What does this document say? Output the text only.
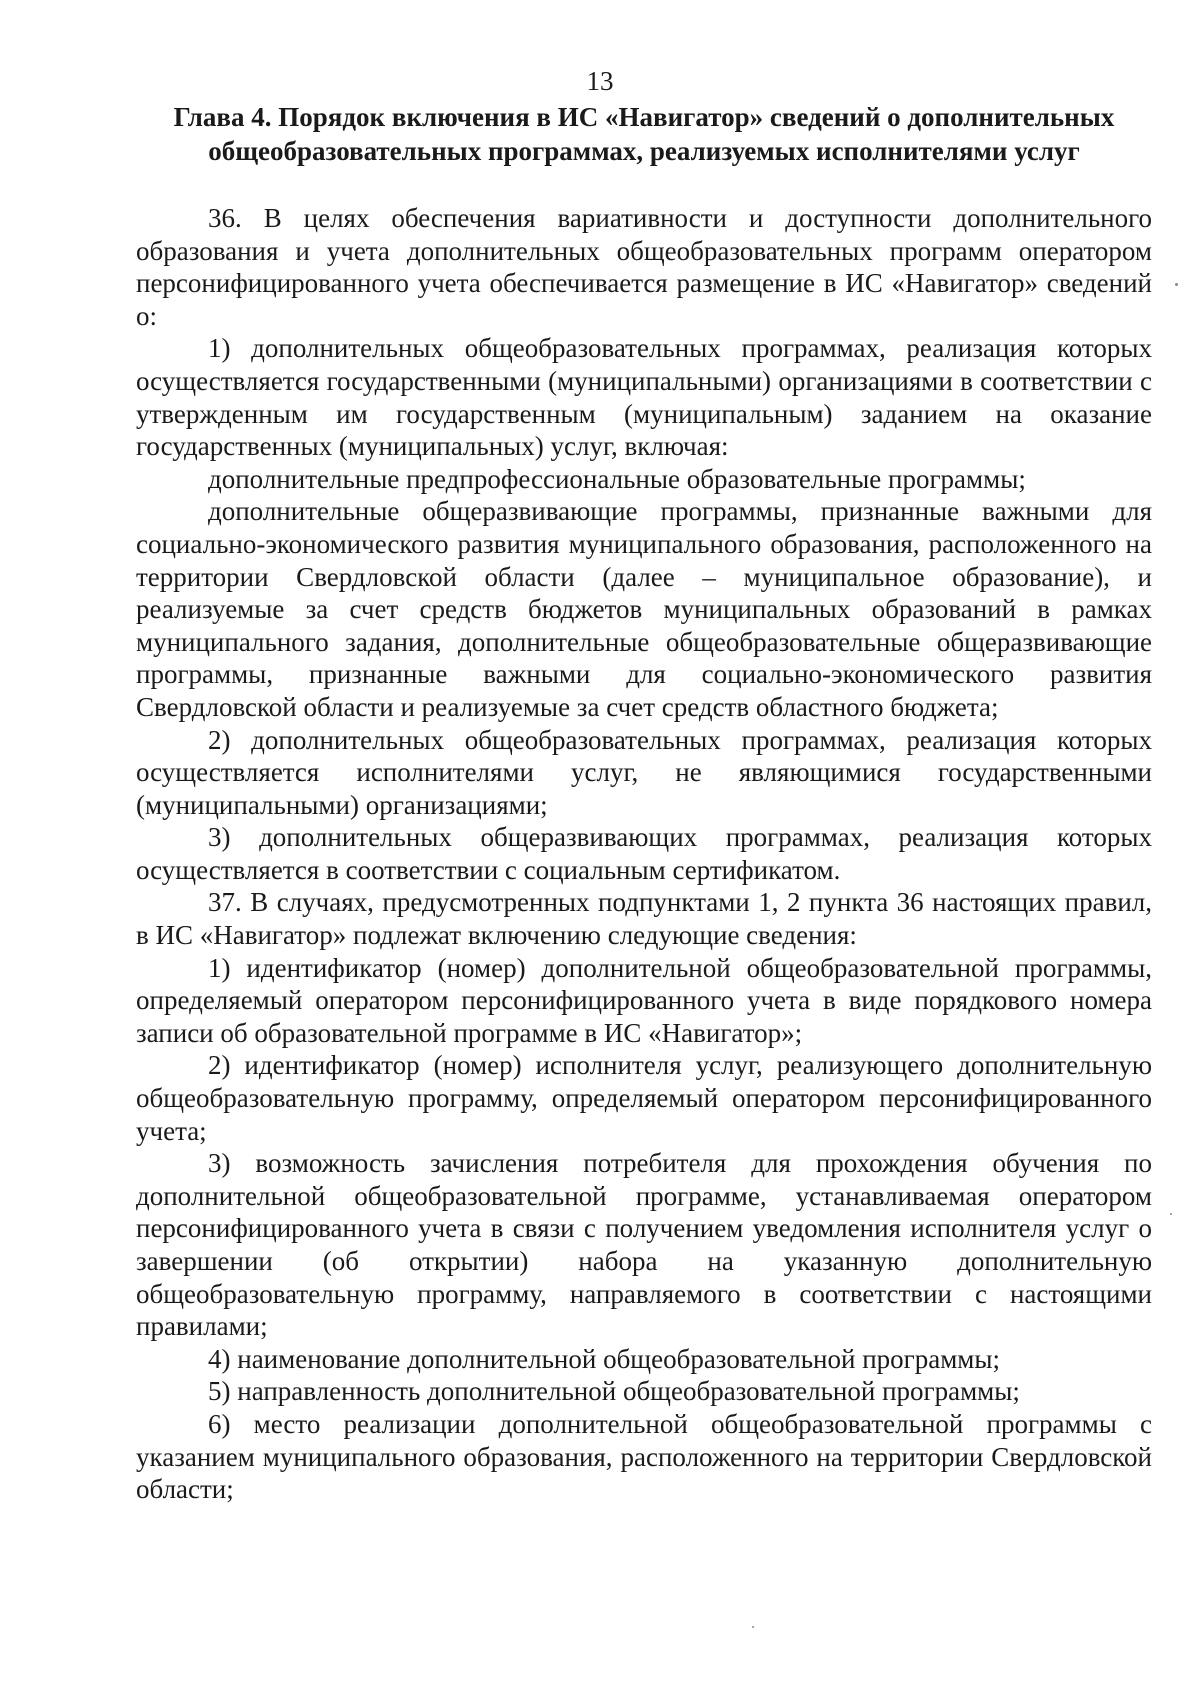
13
Глава 4. Порядок включения в ИС «Навигатор» сведений о дополнительных общеобразовательных программах, реализуемых исполнителями услуг

36. В целях обеспечения вариативности и доступности дополнительного образования и учета дополнительных общеобразовательных программ оператором персонифицированного учета обеспечивается размещение в ИС «Навигатор» сведений о:

1) дополнительных общеобразовательных программах, реализация которых осуществляется государственными (муниципальными) организациями в соответствии с утвержденным им государственным (муниципальным) заданием на оказание государственных (муниципальных) услуг, включая:

дополнительные предпрофессиональные образовательные программы;

дополнительные общеразвивающие программы, признанные важными для социально-экономического развития муниципального образования, расположенного на территории Свердловской области (далее – муниципальное образование), и реализуемые за счет средств бюджетов муниципальных образований в рамках муниципального задания, дополнительные общеобразовательные общеразвивающие программы, признанные важными для социально-экономического развития Свердловской области и реализуемые за счет средств областного бюджета;

2) дополнительных общеобразовательных программах, реализация которых осуществляется исполнителями услуг, не являющимися государственными (муниципальными) организациями;

3) дополнительных общеразвивающих программах, реализация которых осуществляется в соответствии с социальным сертификатом.

37. В случаях, предусмотренных подпунктами 1, 2 пункта 36 настоящих правил, в ИС «Навигатор» подлежат включению следующие сведения:

1) идентификатор (номер) дополнительной общеобразовательной программы, определяемый оператором персонифицированного учета в виде порядкового номера записи об образовательной программе в ИС «Навигатор»;

2) идентификатор (номер) исполнителя услуг, реализующего дополнительную общеобразовательную программу, определяемый оператором персонифицированного учета;

3) возможность зачисления потребителя для прохождения обучения по дополнительной общеобразовательной программе, устанавливаемая оператором персонифицированного учета в связи с получением уведомления исполнителя услуг о завершении (об открытии) набора на указанную дополнительную общеобразовательную программу, направляемого в соответствии с настоящими правилами;

4) наименование дополнительной общеобразовательной программы;

5) направленность дополнительной общеобразовательной программы;

6) место реализации дополнительной общеобразовательной программы с указанием муниципального образования, расположенного на территории Свердловской области;
